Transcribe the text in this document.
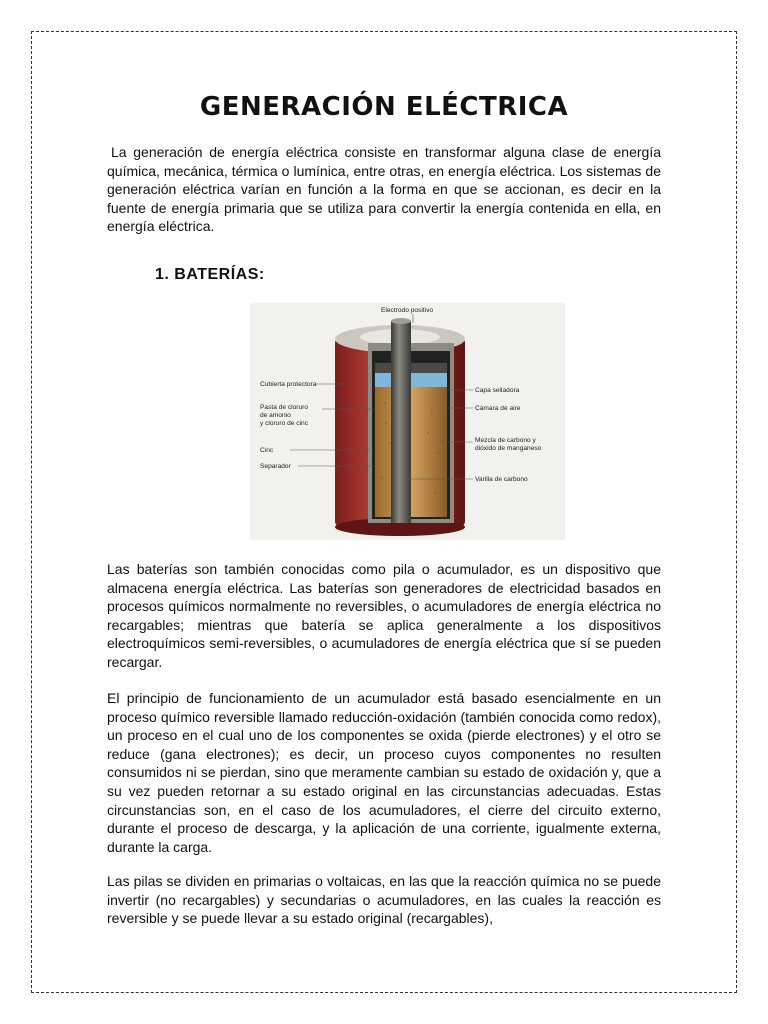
GENERACIÓN ELÉCTRICA

La generación de energía eléctrica consiste en transformar alguna clase de energía química, mecánica, térmica o lumínica, entre otras, en energía eléctrica. Los sistemas de generación eléctrica varían en función a la forma en que se accionan, es decir en la fuente de energía primaria que se utiliza para convertir la energía contenida en ella, en energía eléctrica.

1. BATERÍAS:
Electrodo positivo
Cubierta protectora
Pasta de cloruro
de amonio
y cloruro de cinc
Cinc
Separador
Capa selladora
Cámara de aire
Mezcla de carbono y
dióxido de manganeso
Varilla de carbono

Las baterías son también conocidas como pila o acumulador, es un dispositivo que almacena energía eléctrica. Las baterías son generadores de electricidad basados en procesos químicos normalmente no reversibles, o acumuladores de energía eléctrica no recargables; mientras que batería se aplica generalmente a los dispositivos electroquímicos semi-reversibles, o acumuladores de energía eléctrica que sí se pueden recargar.

El principio de funcionamiento de un acumulador está basado esencialmente en un proceso químico reversible llamado reducción-oxidación (también conocida como redox), un proceso en el cual uno de los componentes se oxida (pierde electrones) y el otro se reduce (gana electrones); es decir, un proceso cuyos componentes no resulten consumidos ni se pierdan, sino que meramente cambian su estado de oxidación y, que a su vez pueden retornar a su estado original en las circunstancias adecuadas. Estas circunstancias son, en el caso de los acumuladores, el cierre del circuito externo, durante el proceso de descarga, y la aplicación de una corriente, igualmente externa, durante la carga.

Las pilas se dividen en primarias o voltaicas, en las que la reacción química no se puede invertir (no recargables) y secundarias o acumuladores, en las cuales la reacción es reversible y se puede llevar a su estado original (recargables),
